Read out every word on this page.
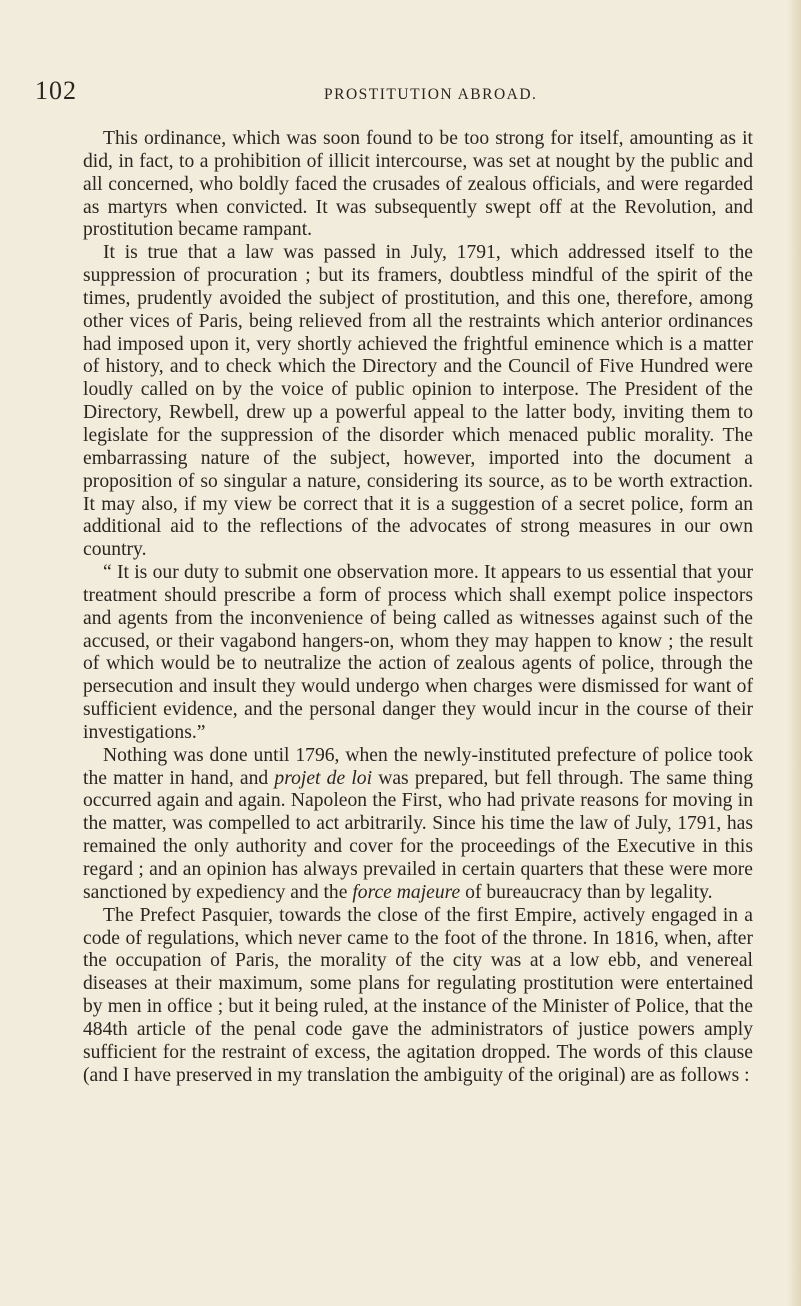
102	PROSTITUTION ABROAD.

This ordinance, which was soon found to be too strong for itself, amounting as it did, in fact, to a prohibition of illicit intercourse, was set at nought by the public and all concerned, who boldly faced the crusades of zealous officials, and were regarded as martyrs when convicted. It was subsequently swept off at the Revolution, and prostitution became rampant.

It is true that a law was passed in July, 1791, which addressed itself to the suppression of procuration ; but its framers, doubtless mindful of the spirit of the times, prudently avoided the subject of prostitution, and this one, therefore, among other vices of Paris, being relieved from all the restraints which anterior ordinances had imposed upon it, very shortly achieved the frightful eminence which is a matter of history, and to check which the Directory and the Council of Five Hundred were loudly called on by the voice of public opinion to interpose. The President of the Directory, Rewbell, drew up a powerful appeal to the latter body, inviting them to legislate for the suppression of the disorder which menaced public morality. The embarrassing nature of the subject, however, imported into the document a proposition of so singular a nature, considering its source, as to be worth extraction. It may also, if my view be correct that it is a suggestion of a secret police, form an additional aid to the reflections of the advocates of strong measures in our own country.

“ It is our duty to submit one observation more. It appears to us essential that your treatment should prescribe a form of process which shall exempt police inspectors and agents from the inconvenience of being called as witnesses against such of the accused, or their vagabond hangers-on, whom they may happen to know ; the result of which would be to neutralize the action of zealous agents of police, through the persecution and insult they would undergo when charges were dismissed for want of sufficient evidence, and the personal danger they would incur in the course of their investigations.”

Nothing was done until 1796, when the newly-instituted prefecture of police took the matter in hand, and projet de loi was prepared, but fell through. The same thing occurred again and again. Napoleon the First, who had private reasons for moving in the matter, was compelled to act arbitrarily. Since his time the law of July, 1791, has remained the only authority and cover for the proceedings of the Executive in this regard ; and an opinion has always prevailed in certain quarters that these were more sanctioned by expediency and the force majeure of bureaucracy than by legality.

The Prefect Pasquier, towards the close of the first Empire, actively engaged in a code of regulations, which never came to the foot of the throne. In 1816, when, after the occupation of Paris, the morality of the city was at a low ebb, and venereal diseases at their maximum, some plans for regulating prostitution were entertained by men in office ; but it being ruled, at the instance of the Minister of Police, that the 484th article of the penal code gave the administrators of justice powers amply sufficient for the restraint of excess, the agitation dropped. The words of this clause (and I have preserved in my translation the ambiguity of the original) are as follows :
